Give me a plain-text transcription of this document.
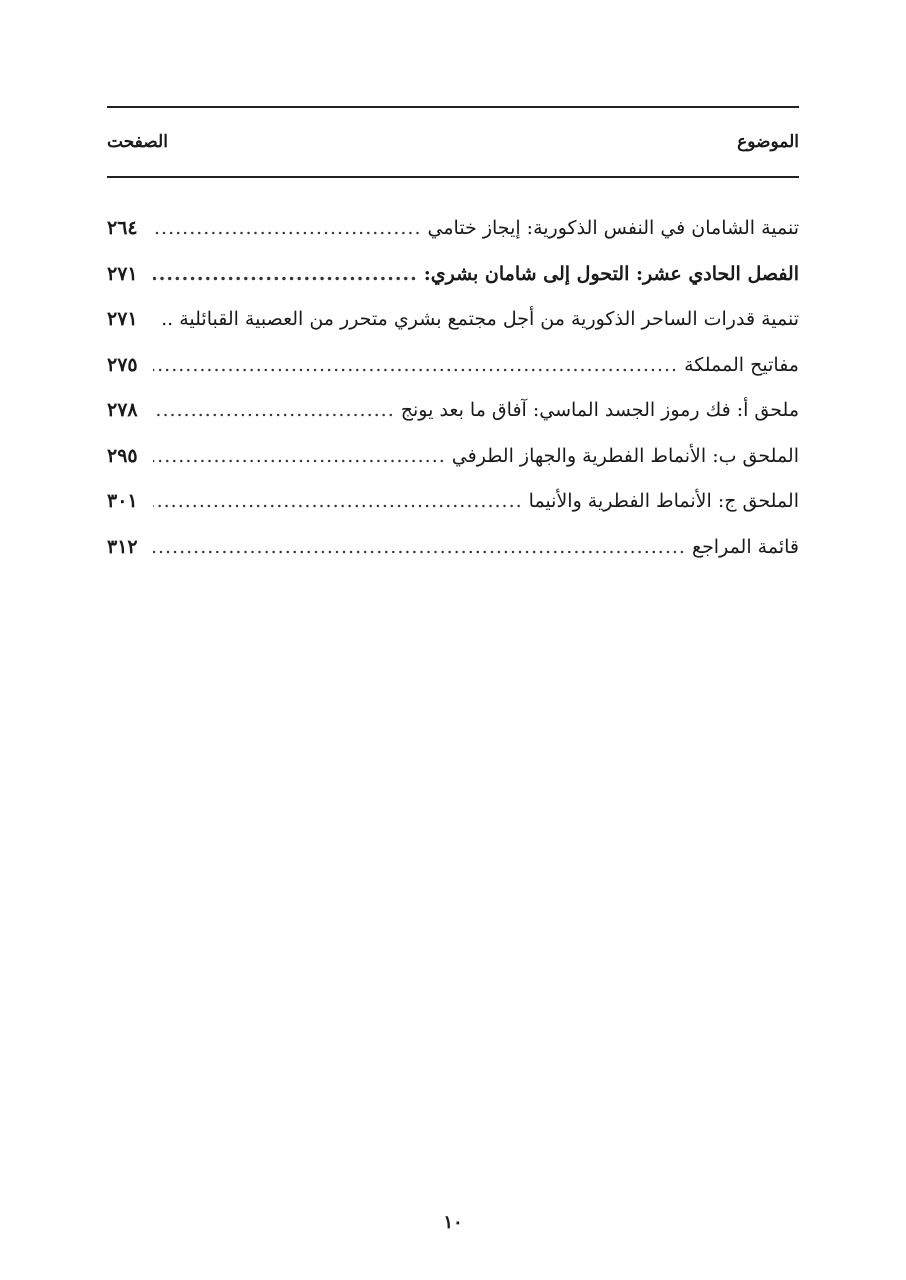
الموضوع
الصفحت
تنمية الشامان في النفس الذكورية: إيجاز ختامي
.....
٢٦٤
الفصل الحادي عشر: التحول إلى شامان بشري:
.....
٢٧١
تنمية قدرات الساحر الذكورية من أجل مجتمع بشري متحرر من العصبية القبائلية ..
٢٧١
مفاتيح المملكة
.....
٢٧٥
ملحق أ: فك رموز الجسد الماسي: آفاق ما بعد يونج
.....
٢٧٨
الملحق ب: الأنماط الفطرية والجهاز الطرفي
.....
٢٩٥
الملحق ج: الأنماط الفطرية والأنيما
.....
٣٠١
قائمة المراجع
.....
٣١٢
١٠
